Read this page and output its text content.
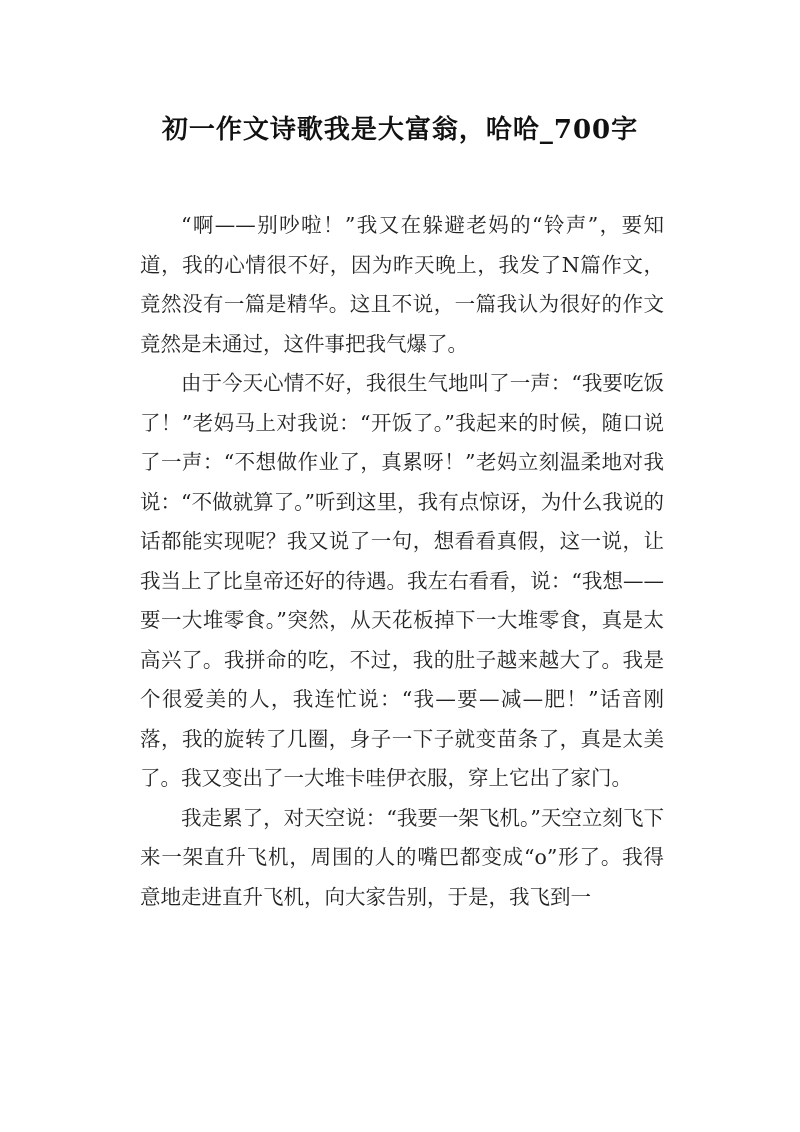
初一作文诗歌我是大富翁，哈哈_700字

“啊——别吵啦！”我又在躲避老妈的“铃声”，要知道，我的心情很不好，因为昨天晚上，我发了N篇作文，竟然没有一篇是精华。这且不说，一篇我认为很好的作文竟然是未通过，这件事把我气爆了。

由于今天心情不好，我很生气地叫了一声：“我要吃饭了！”老妈马上对我说：“开饭了。”我起来的时候，随口说了一声：“不想做作业了，真累呀！”老妈立刻温柔地对我说：“不做就算了。”听到这里，我有点惊讶，为什么我说的话都能实现呢？我又说了一句，想看看真假，这一说，让我当上了比皇帝还好的待遇。我左右看看，说：“我想——要一大堆零食。”突然，从天花板掉下一大堆零食，真是太高兴了。我拼命的吃，不过，我的肚子越来越大了。我是个很爱美的人，我连忙说：“我—要—减—肥！”话音刚落，我的旋转了几圈，身子一下子就变苗条了，真是太美了。我又变出了一大堆卡哇伊衣服，穿上它出了家门。

我走累了，对天空说：“我要一架飞机。”天空立刻飞下来一架直升飞机，周围的人的嘴巴都变成“o”形了。我得意地走进直升飞机，向大家告别，于是，我飞到一
